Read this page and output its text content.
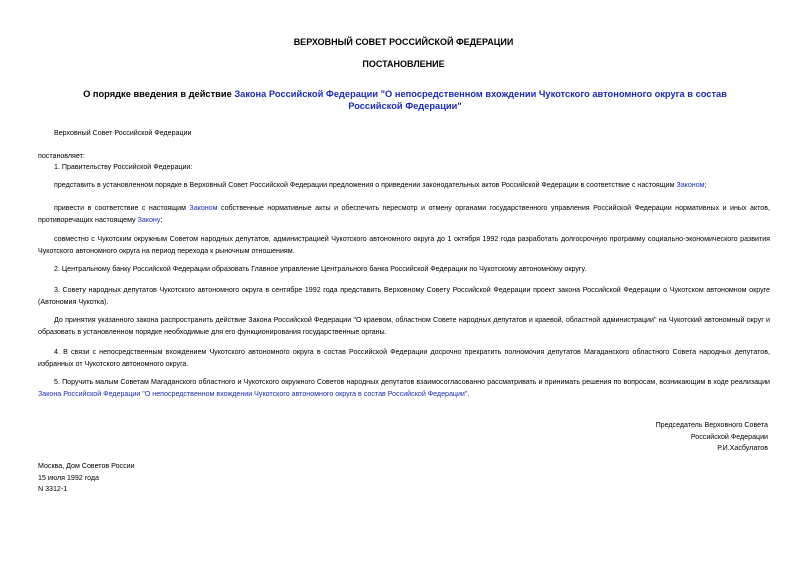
ВЕРХОВНЫЙ СОВЕТ РОССИЙСКОЙ ФЕДЕРАЦИИ
ПОСТАНОВЛЕНИЕ
О порядке введения в действие Закона Российской Федерации "О непосредственном вхождении Чукотского автономного округа в состав Российской Федерации"
Верховный Совет Российской Федерации
постановляет:
1. Правительству Российской Федерации:
представить в установленном порядке в Верховный Совет Российской Федерации предложения о приведении законодательных актов Российской Федерации в соответствие с настоящим Законом;
привести в соответствие с настоящим Законом собственные нормативные акты и обеспечить пересмотр и отмену органами государственного управления Российской Федерации нормативных и иных актов, противоречащих настоящему Закону;
совместно с Чукотским окружным Советом народных депутатов, администрацией Чукотского автономного округа до 1 октября 1992 года разработать долгосрочную программу социально-экономического развития Чукотского автономного округа на период перехода к рыночным отношениям.
2. Центральному банку Российской Федерации образовать Главное управление Центрального банка Российской Федерации по Чукотскому автономному округу.
3. Совету народных депутатов Чукотского автономного округа в сентябре 1992 года представить Верховному Совету Российской Федерации проект закона Российской Федерации о Чукотском автономном округе (Автономия Чукотка).
До принятия указанного закона распространить действие Закона Российской Федерации "О краевом, областном Совете народных депутатов и краевой, областной администрации" на Чукотский автономный округ и образовать в установленном порядке необходимые для его функционирования государственные органы.
4. В связи с непосредственным вхождением Чукотского автономного округа в состав Российской Федерации досрочно прекратить полномочия депутатов Магаданского областного Совета народных депутатов, избранных от Чукотского автономного округа.
5. Поручить малым Советам Магаданского областного и Чукотского окружного Советов народных депутатов взаимосогласованно рассматривать и принимать решения по вопросам, возникающим в ходе реализации Закона Российской Федерации "О непосредственном вхождении Чукотского автономного округа в состав Российской Федерации".
Председатель Верховного Совета
Российской Федерации
Р.И.Хасбулатов
Москва, Дом Советов России
15 июля 1992 года
N 3312-1
